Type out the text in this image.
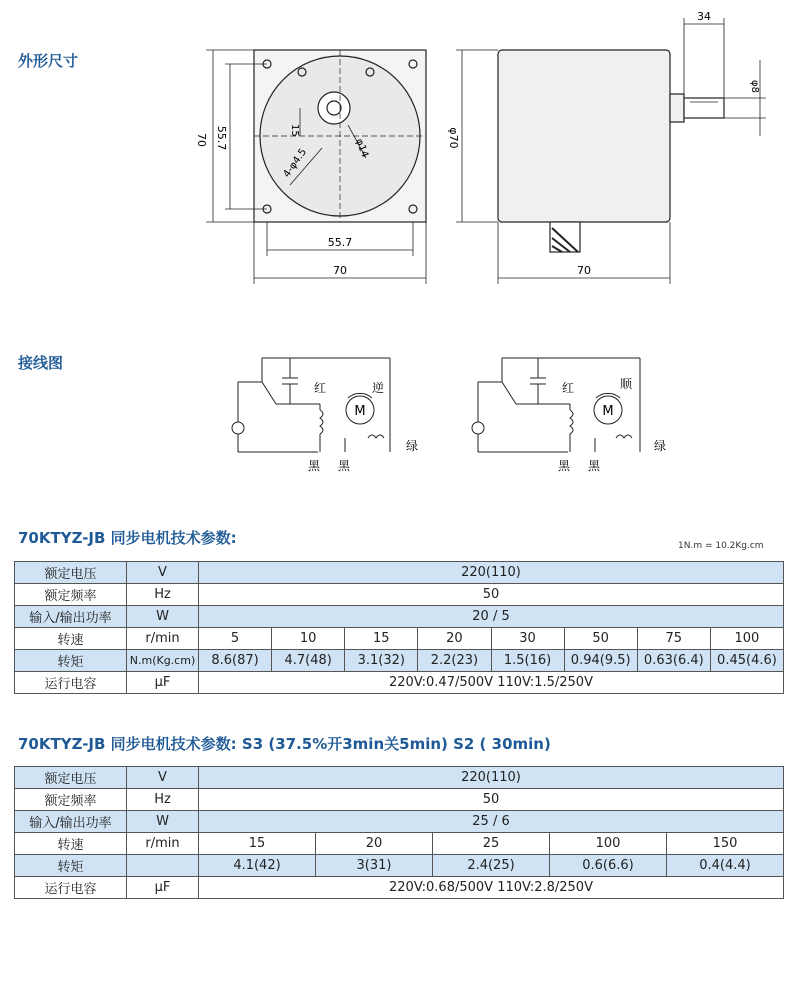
外形尺寸
接线图
70KTYZ-JB 同步电机技术参数:
70KTYZ-JB 同步电机技术参数: S3 (37.5%开3min关5min) S2 ( 30min)
70 55.7
55.7
70
15
4-φ4.5	φ14	φ70
70
34
φ8
M
红	逆
黑 黑
绿
M
红	顺
黑 黑
绿
1N.m = 10.2Kg.cm
额定电压	V	220(110)							
额定频率	Hz	50							
输入/输出功率	W	20 / 5							
转速	r/min	5	10	15	20	30	50	75	100
转矩	N.m(Kg.cm)	8.6(87)	4.7(48)	3.1(32)	2.2(23)	1.5(16)	0.94(9.5)	0.63(6.4)	0.45(4.6)
运行电容	μF	220V:0.47/500V 110V:1.5/250V							
额定电压	V	220(110)				
额定频率	Hz	50				
输入/输出功率	W	25 / 6				
转速	r/min	15	20	25	100	150
转矩		4.1(42)	3(31)	2.4(25)	0.6(6.6)	0.4(4.4)
运行电容	μF	220V:0.68/500V 110V:2.8/250V				
